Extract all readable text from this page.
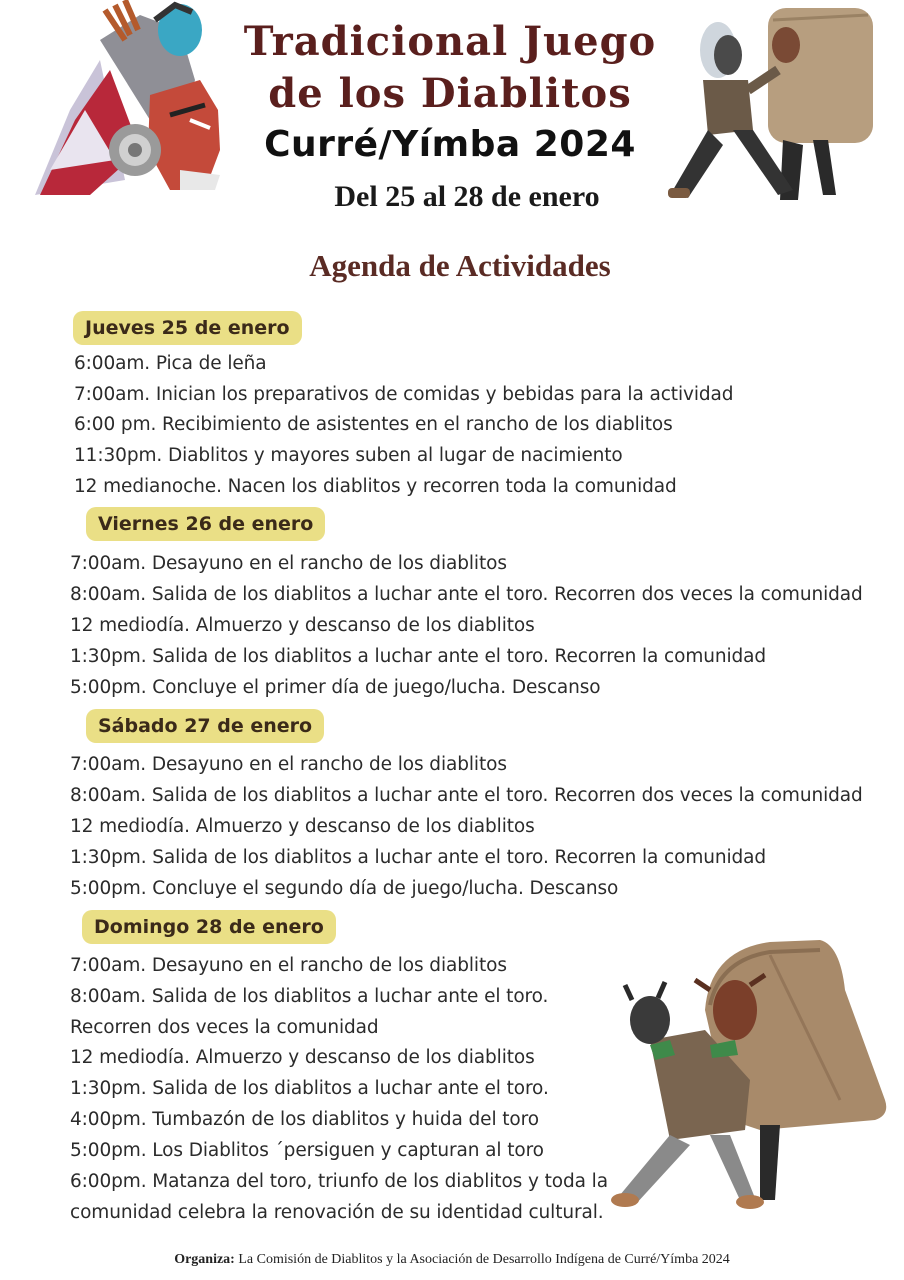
Tradicional Juego
de los Diablitos
Curré/Yímba 2024
Del 25 al 28 de enero
Agenda de Actividades
Jueves 25 de enero
6:00am. Pica de leña
7:00am. Inician los preparativos de comidas y bebidas para la actividad
6:00 pm. Recibimiento de asistentes en el rancho de los diablitos
11:30pm. Diablitos y mayores suben al lugar de nacimiento
12 medianoche. Nacen los diablitos y recorren toda la comunidad
Viernes 26 de enero
7:00am. Desayuno en el rancho de los diablitos
8:00am. Salida de los diablitos a luchar ante el toro. Recorren dos veces la comunidad
12 mediodía. Almuerzo y descanso de los diablitos
1:30pm. Salida de los diablitos a luchar ante el toro. Recorren la comunidad
5:00pm. Concluye el primer día de juego/lucha. Descanso
Sábado 27 de enero
7:00am. Desayuno en el rancho de los diablitos
8:00am. Salida de los diablitos a luchar ante el toro. Recorren dos veces la comunidad
12 mediodía. Almuerzo y descanso de los diablitos
1:30pm. Salida de los diablitos a luchar ante el toro. Recorren la comunidad
5:00pm. Concluye el segundo día de juego/lucha. Descanso
Domingo 28 de enero
7:00am. Desayuno en el rancho de los diablitos
8:00am. Salida de los diablitos a luchar ante el toro.
Recorren dos veces la comunidad
12 mediodía. Almuerzo y descanso de los diablitos
1:30pm. Salida de los diablitos a luchar ante el toro.
4:00pm. Tumbazón de los diablitos y huida del toro
5:00pm. Los Diablitos ´persiguen y capturan al toro
6:00pm. Matanza del toro, triunfo de los diablitos y toda la
comunidad celebra la renovación de su identidad cultural.
Organiza: La Comisión de Diablitos y la Asociación de Desarrollo Indígena de Curré/Yímba 2024
